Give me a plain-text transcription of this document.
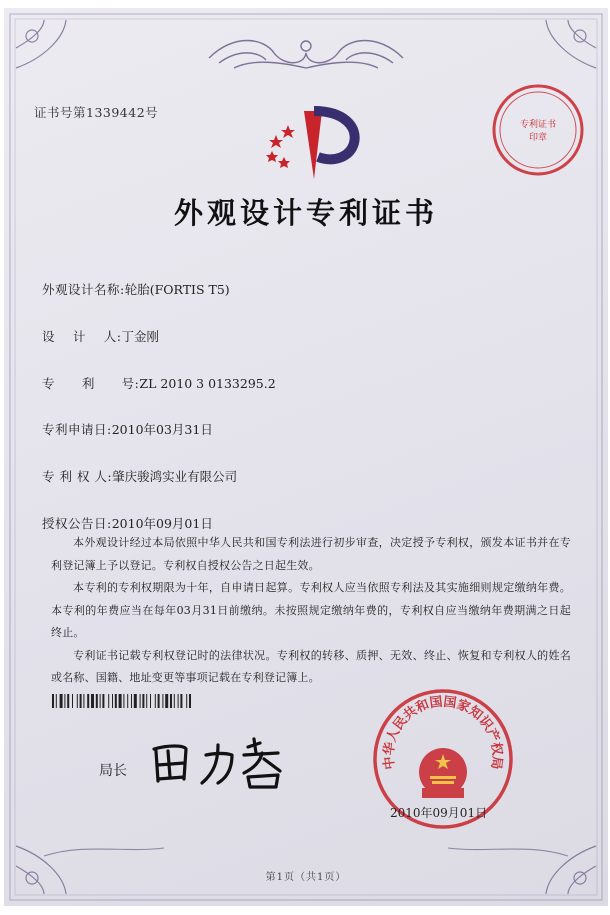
专利证书
印章
证书号第1339442号
外观设计专利证书
外观设计名称:轮胎(FORTIS T5)
设    计    人:丁金刚
专      利      号:ZL 2010 3 0133295.2
专利申请日:2010年03月31日
专 利 权 人:肇庆骏鸿实业有限公司
授权公告日:2010年09月01日

本外观设计经过本局依照中华人民共和国专利法进行初步审查，决定授予专利权，颁发本证书并在专利登记簿上予以登记。专利权自授权公告之日起生效。

本专利的专利权期限为十年，自申请日起算。专利权人应当依照专利法及其实施细则规定缴纳年费。本专利的年费应当在每年03月31日前缴纳。未按照规定缴纳年费的，专利权自应当缴纳年费期满之日起终止。

专利证书记载专利权登记时的法律状况。专利权的转移、质押、无效、终止、恢复和专利权人的姓名或名称、国籍、地址变更等事项记载在专利登记簿上。

局长
中华人民共和国国家知识产权局
2010年09月01日
第1页（共1页）
